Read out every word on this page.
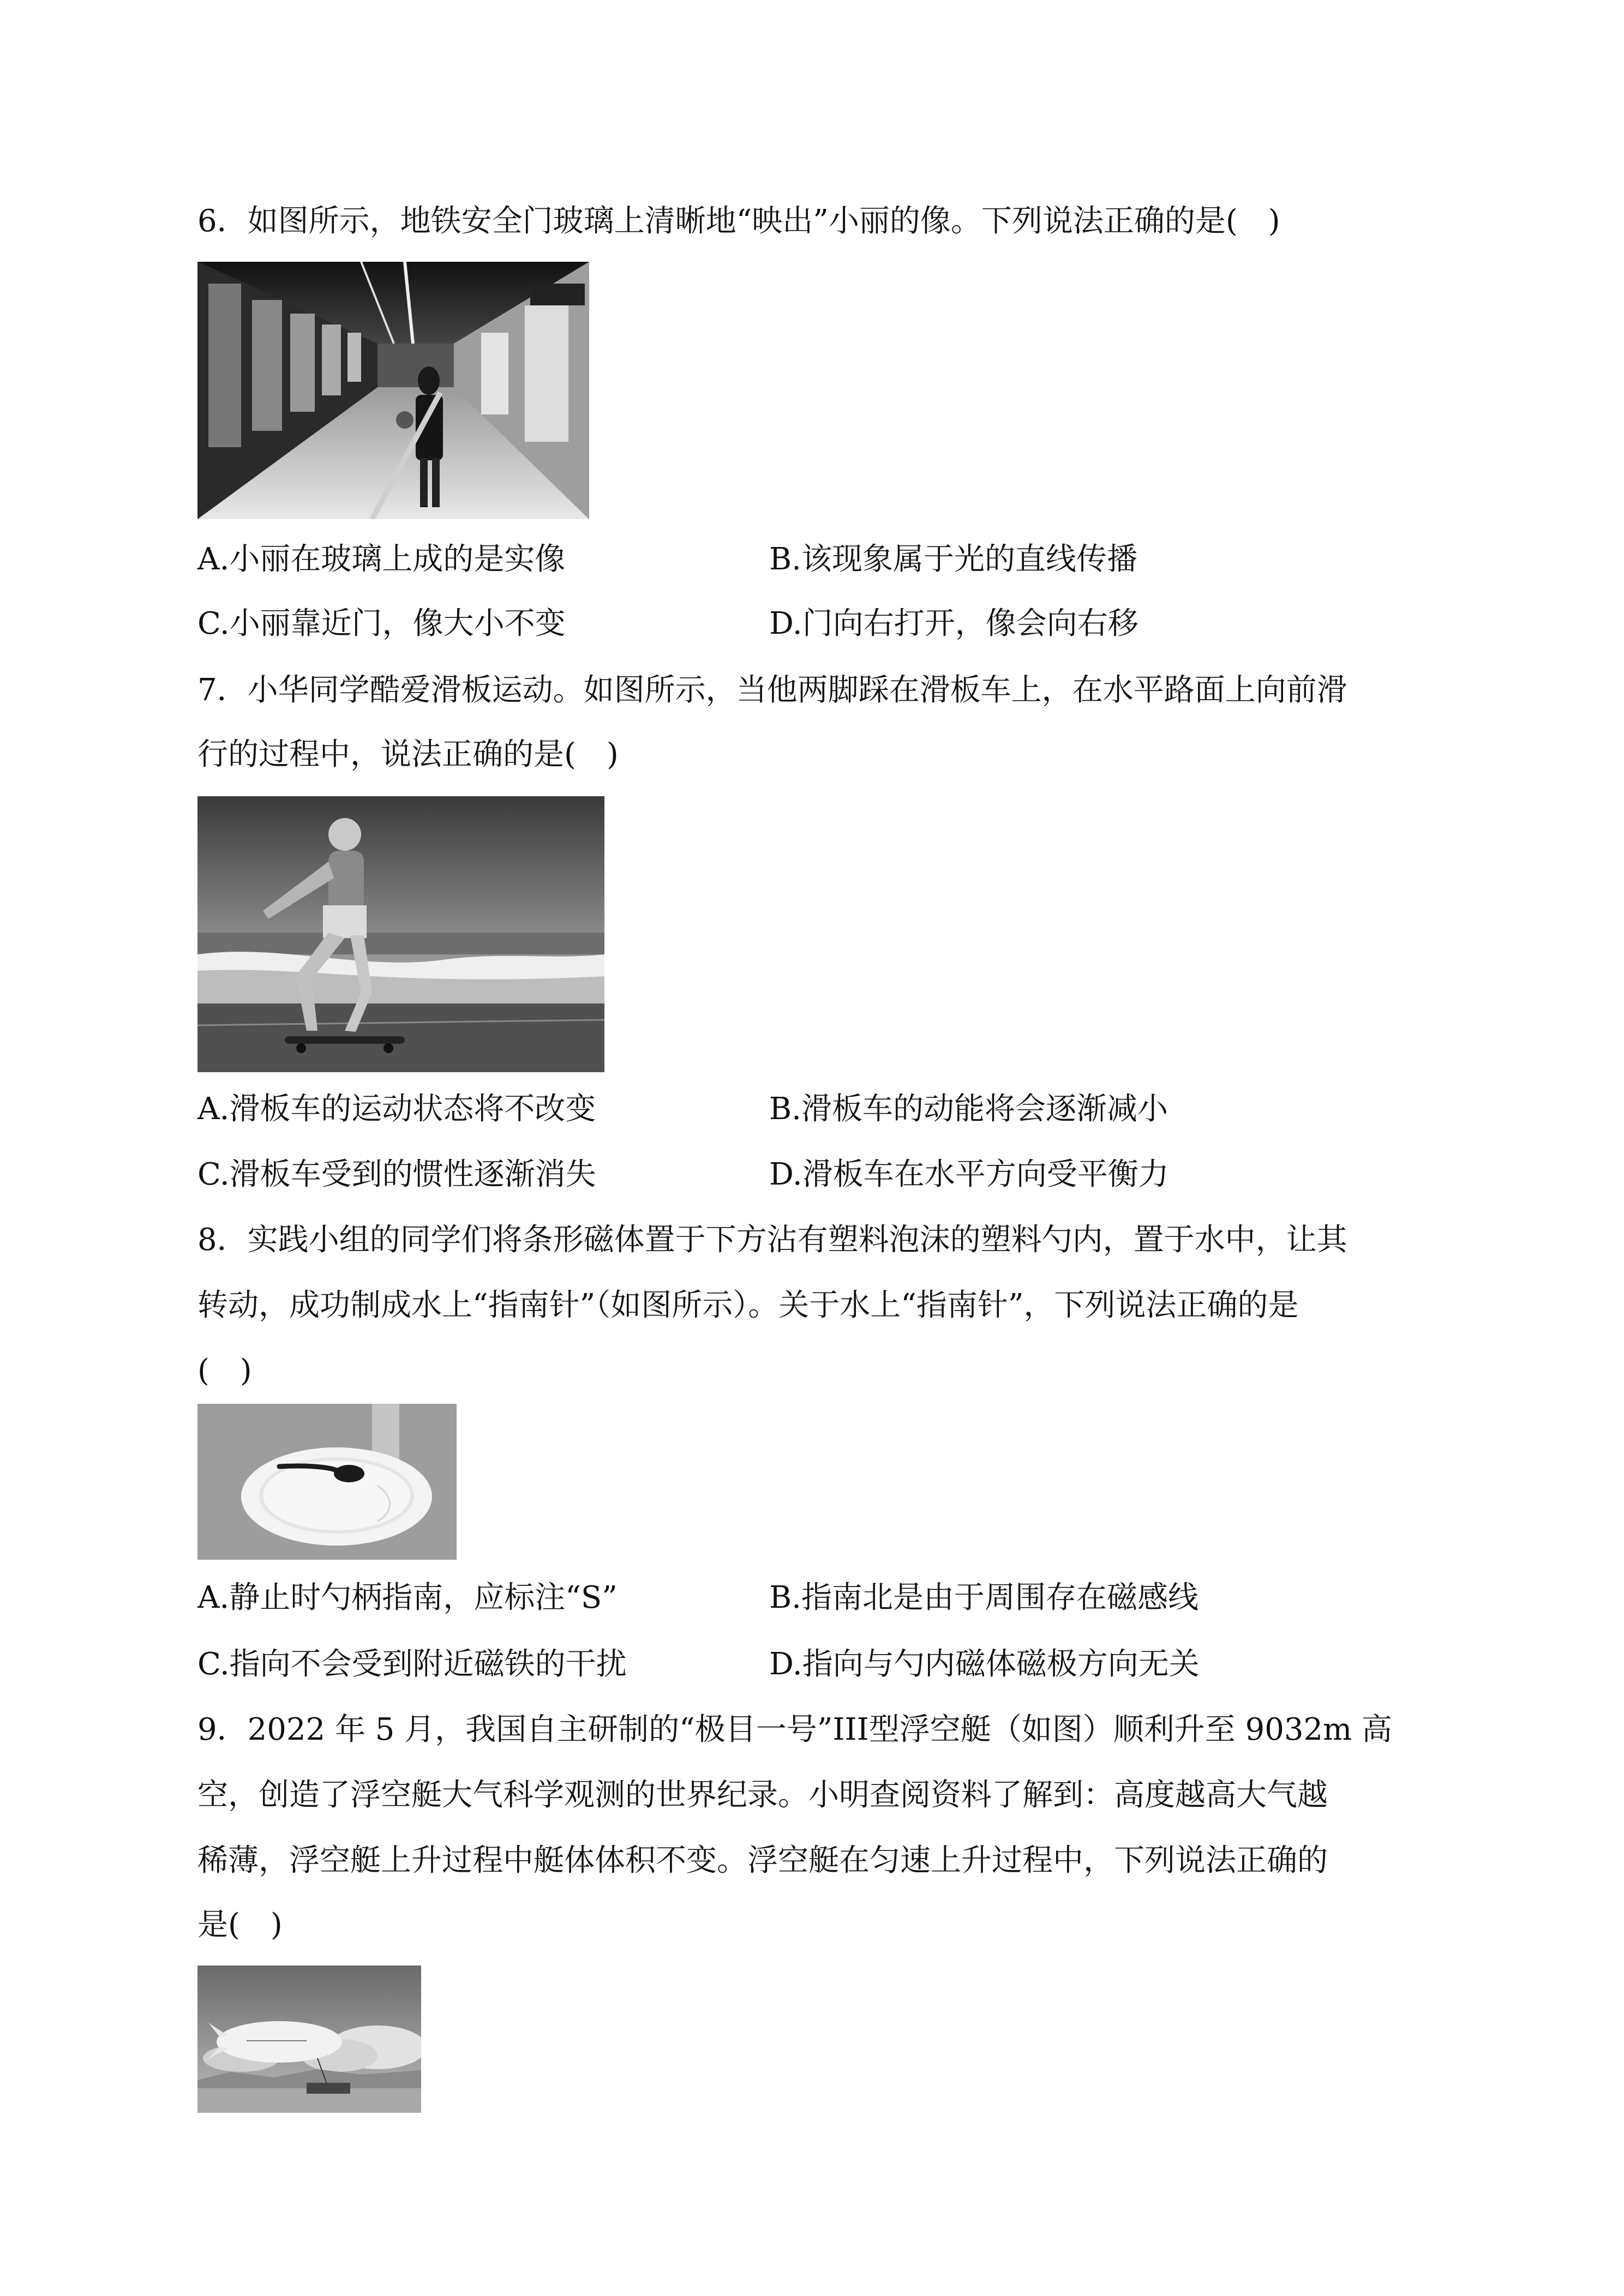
6．如图所示，地铁安全门玻璃上清晰地“映出”小丽的像。下列说法正确的是(　)
A.小丽在玻璃上成的是实像	B.该现象属于光的直线传播
C.小丽靠近门，像大小不变	D.门向右打开，像会向右移
7．小华同学酷爱滑板运动。如图所示，当他两脚踩在滑板车上，在水平路面上向前滑
行的过程中，说法正确的是(　)
A.滑板车的运动状态将不改变	B.滑板车的动能将会逐渐减小
C.滑板车受到的惯性逐渐消失	D.滑板车在水平方向受平衡力
8．实践小组的同学们将条形磁体置于下方沾有塑料泡沫的塑料勺内，置于水中，让其
转动，成功制成水上“指南针”（如图所示）。关于水上“指南针”，下列说法正确的是
(　)
A.静止时勺柄指南，应标注“S”	B.指南北是由于周围存在磁感线
C.指向不会受到附近磁铁的干扰	D.指向与勺内磁体磁极方向无关
9．2022 年 5 月，我国自主研制的“极目一号”III型浮空艇（如图）顺利升至 9032m 高
空，创造了浮空艇大气科学观测的世界纪录。小明查阅资料了解到：高度越高大气越
稀薄，浮空艇上升过程中艇体体积不变。浮空艇在匀速上升过程中，下列说法正确的
是(　)
